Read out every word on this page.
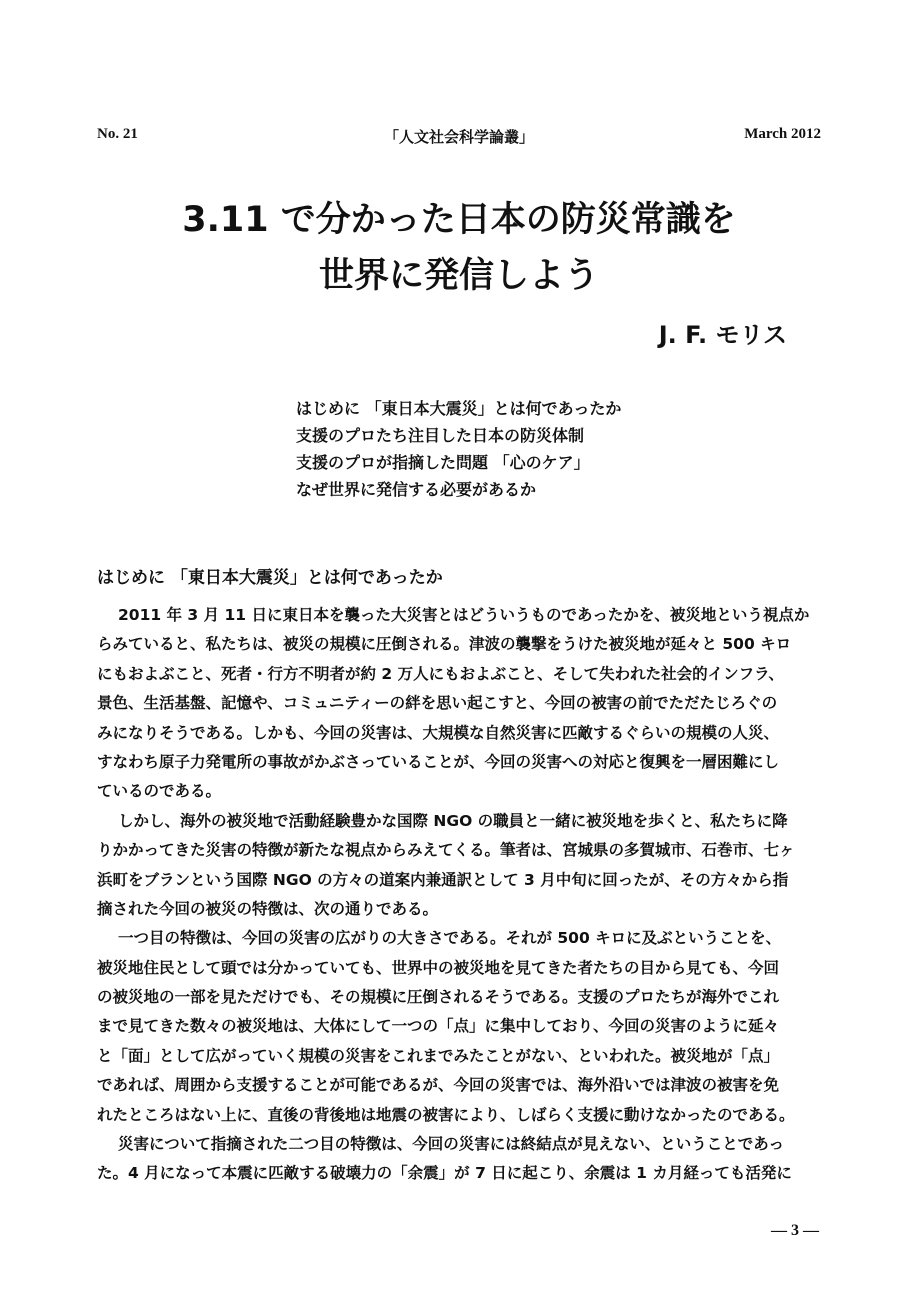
No. 21	「人文社会科学論叢」	March 2012
3.11 で分かった日本の防災常識を
世界に発信しよう
J. F. モリス
はじめに 「東日本大震災」とは何であったか
支援のプロたち注目した日本の防災体制
支援のプロが指摘した問題 「心のケア」
なぜ世界に発信する必要があるか
はじめに 「東日本大震災」とは何であったか
2011 年 3 月 11 日に東日本を襲った大災害とはどういうものであったかを、被災地という視点か
らみていると、私たちは、被災の規模に圧倒される。津波の襲撃をうけた被災地が延々と 500 キロ
にもおよぶこと、死者・行方不明者が約 2 万人にもおよぶこと、そして失われた社会的インフラ、
景色、生活基盤、記憶や、コミュニティーの絆を思い起こすと、今回の被害の前でただたじろぐの
みになりそうである。しかも、今回の災害は、大規模な自然災害に匹敵するぐらいの規模の人災、
すなわち原子力発電所の事故がかぶさっていることが、今回の災害への対応と復興を一層困難にし
ているのである。
しかし、海外の被災地で活動経験豊かな国際 NGO の職員と一緒に被災地を歩くと、私たちに降
りかかってきた災害の特徴が新たな視点からみえてくる。筆者は、宮城県の多賀城市、石巻市、七ヶ
浜町をブランという国際 NGO の方々の道案内兼通訳として 3 月中旬に回ったが、その方々から指
摘された今回の被災の特徴は、次の通りである。
一つ目の特徴は、今回の災害の広がりの大きさである。それが 500 キロに及ぶということを、
被災地住民として頭では分かっていても、世界中の被災地を見てきた者たちの目から見ても、今回
の被災地の一部を見ただけでも、その規模に圧倒されるそうである。支援のプロたちが海外でこれ
まで見てきた数々の被災地は、大体にして一つの「点」に集中しており、今回の災害のように延々
と「面」として広がっていく規模の災害をこれまでみたことがない、といわれた。被災地が「点」
であれば、周囲から支援することが可能であるが、今回の災害では、海外沿いでは津波の被害を免
れたところはない上に、直後の背後地は地震の被害により、しばらく支援に動けなかったのである。
災害について指摘された二つ目の特徴は、今回の災害には終結点が見えない、ということであっ
た。4 月になって本震に匹敵する破壊力の「余震」が 7 日に起こり、余震は 1 カ月経っても活発に
— 3 —
